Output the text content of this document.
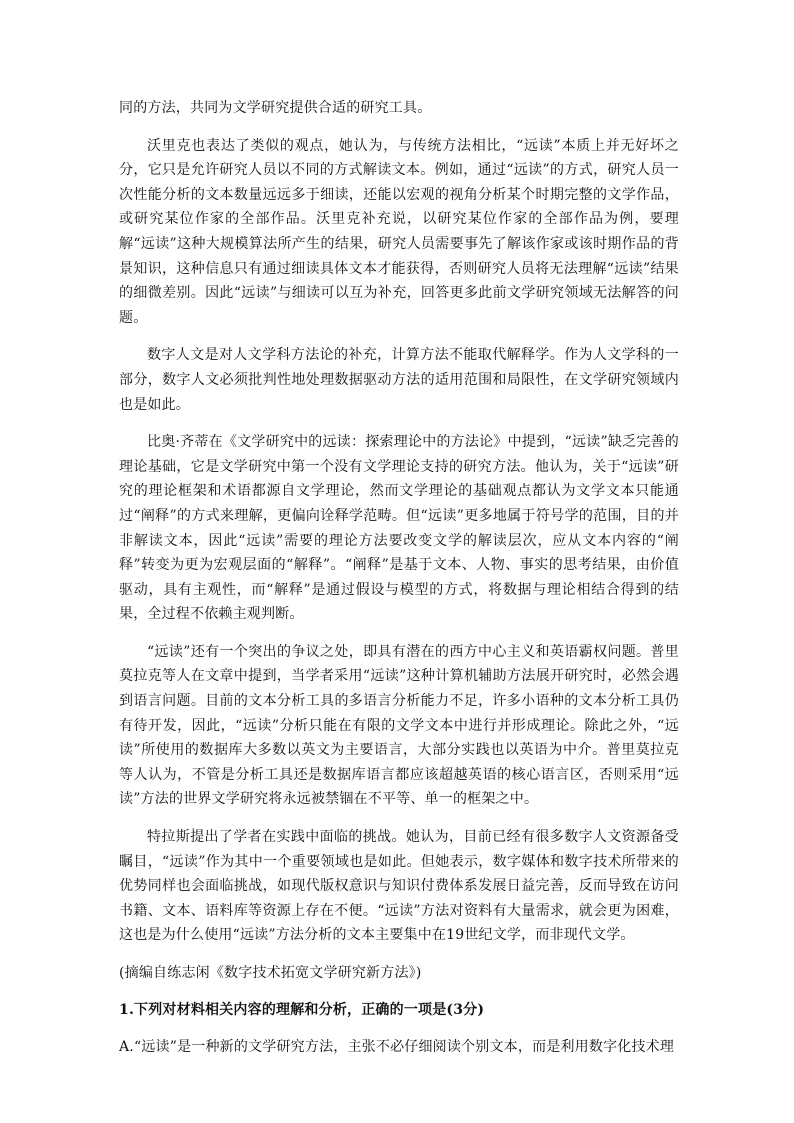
同的方法，共同为文学研究提供合适的研究工具。

沃里克也表达了类似的观点，她认为，与传统方法相比，“远读”本质上并无好坏之分，它只是允许研究人员以不同的方式解读文本。例如，通过“远读”的方式，研究人员一次性能分析的文本数量远远多于细读，还能以宏观的视角分析某个时期完整的文学作品，或研究某位作家的全部作品。沃里克补充说，以研究某位作家的全部作品为例，要理解“远读”这种大规模算法所产生的结果，研究人员需要事先了解该作家或该时期作品的背景知识，这种信息只有通过细读具体文本才能获得，否则研究人员将无法理解“远读”结果的细微差别。因此“远读”与细读可以互为补充，回答更多此前文学研究领域无法解答的问题。

数字人文是对人文学科方法论的补充，计算方法不能取代解释学。作为人文学科的一部分，数字人文必须批判性地处理数据驱动方法的适用范围和局限性，在文学研究领域内也是如此。

比奥·齐蒂在《文学研究中的远读：探索理论中的方法论》中提到，“远读”缺乏完善的理论基础，它是文学研究中第一个没有文学理论支持的研究方法。他认为，关于“远读”研究的理论框架和术语都源自文学理论，然而文学理论的基础观点都认为文学文本只能通过“阐释”的方式来理解，更偏向诠释学范畴。但“远读”更多地属于符号学的范围，目的并非解读文本，因此“远读”需要的理论方法要改变文学的解读层次，应从文本内容的“阐释”转变为更为宏观层面的“解释”。“阐释”是基于文本、人物、事实的思考结果，由价值驱动，具有主观性，而“解释”是通过假设与模型的方式，将数据与理论相结合得到的结果，全过程不依赖主观判断。

“远读”还有一个突出的争议之处，即具有潜在的西方中心主义和英语霸权问题。普里莫拉克等人在文章中提到，当学者采用“远读”这种计算机辅助方法展开研究时，必然会遇到语言问题。目前的文本分析工具的多语言分析能力不足，许多小语种的文本分析工具仍有待开发，因此，“远读”分析只能在有限的文学文本中进行并形成理论。除此之外，“远读”所使用的数据库大多数以英文为主要语言，大部分实践也以英语为中介。普里莫拉克等人认为，不管是分析工具还是数据库语言都应该超越英语的核心语言区，否则采用“远读”方法的世界文学研究将永远被禁锢在不平等、单一的框架之中。

特拉斯提出了学者在实践中面临的挑战。她认为，目前已经有很多数字人文资源备受瞩目，“远读”作为其中一个重要领域也是如此。但她表示，数字媒体和数字技术所带来的优势同样也会面临挑战，如现代版权意识与知识付费体系发展日益完善，反而导致在访问书籍、文本、语料库等资源上存在不便。“远读”方法对资料有大量需求，就会更为困难，这也是为什么使用“远读”方法分析的文本主要集中在19世纪文学，而非现代文学。

(摘编自练志闲《数字技术拓宽文学研究新方法》)

1.下列对材料相关内容的理解和分析，正确的一项是(3分)

A.“远读”是一种新的文学研究方法，主张不必仔细阅读个别文本，而是利用数字化技术理
